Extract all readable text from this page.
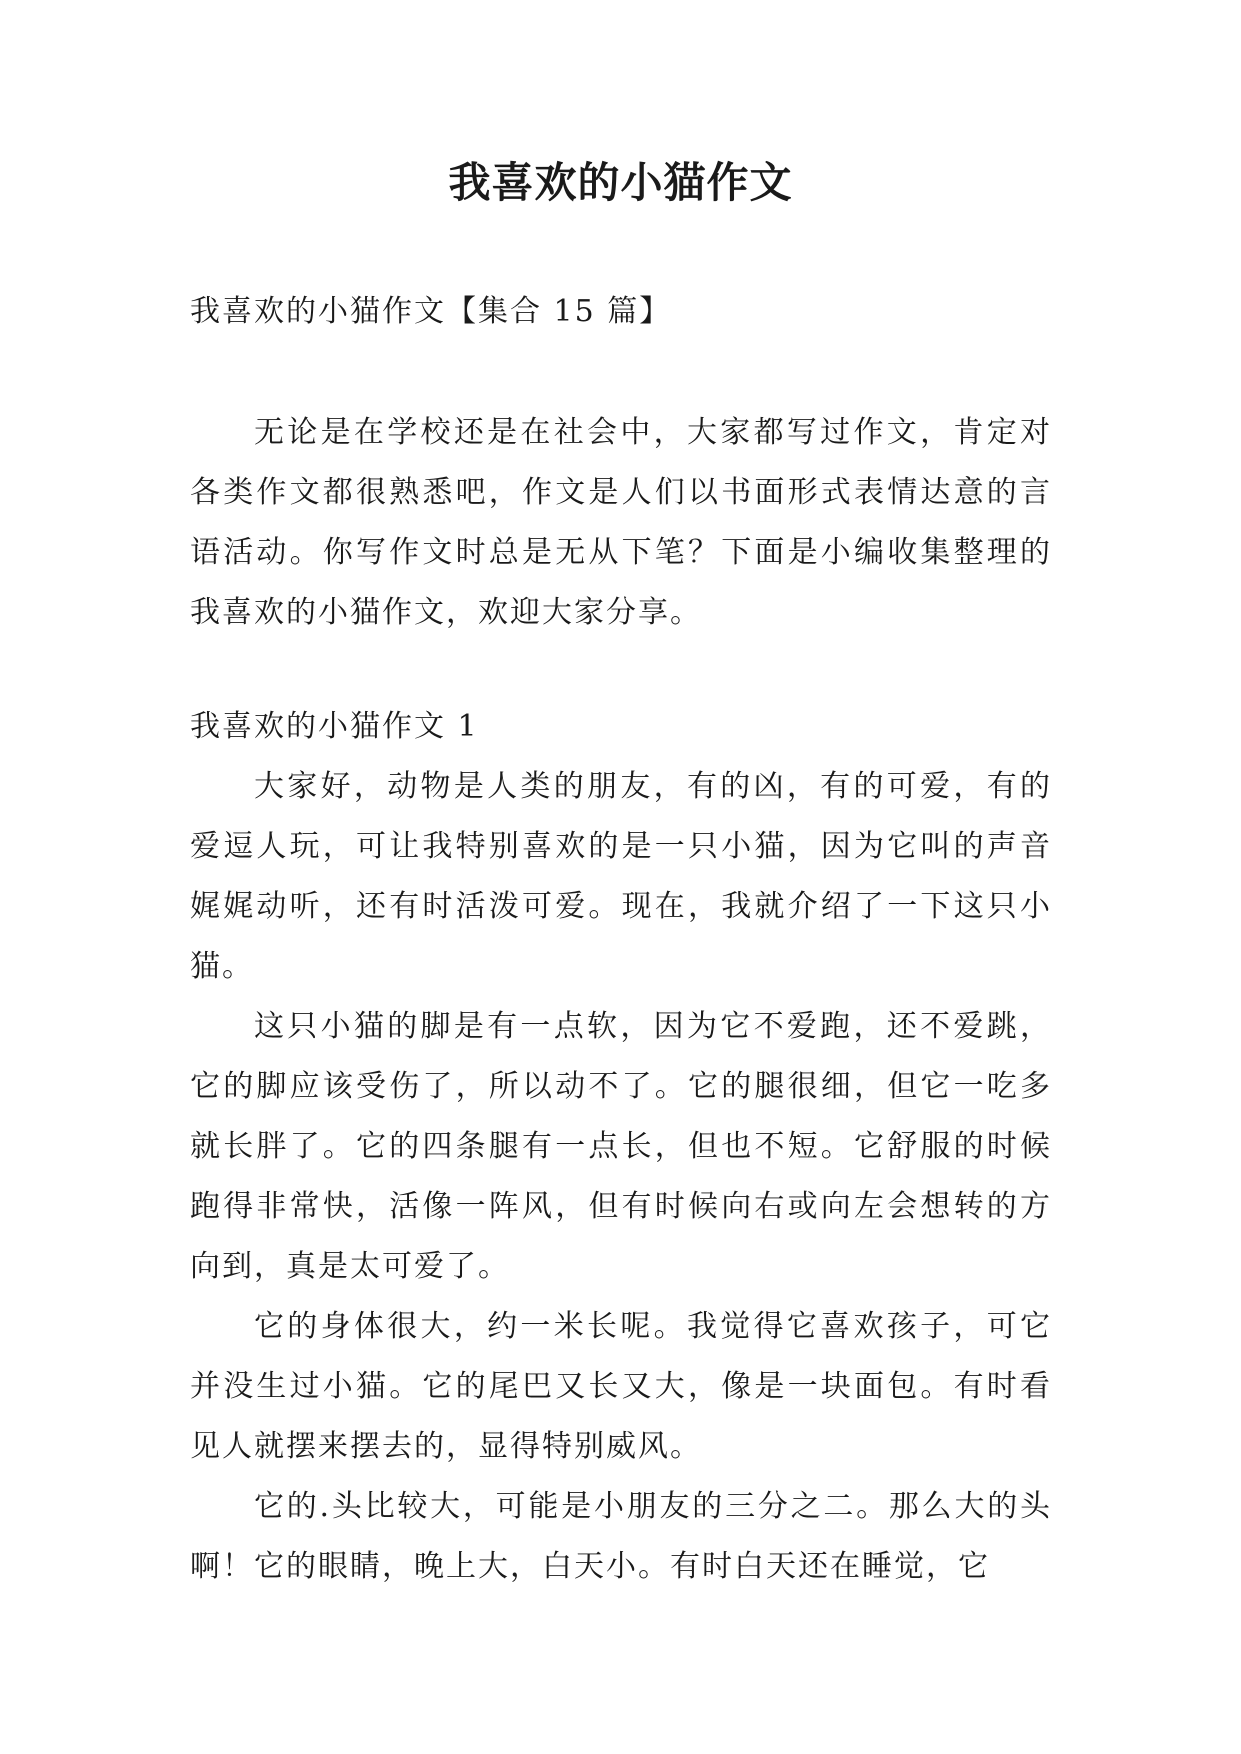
我喜欢的小猫作文
我喜欢的小猫作文【集合 15 篇】

无论是在学校还是在社会中，大家都写过作文，肯定对各类作文都很熟悉吧，作文是人们以书面形式表情达意的言语活动。你写作文时总是无从下笔？下面是小编收集整理的我喜欢的小猫作文，欢迎大家分享。

我喜欢的小猫作文 1

大家好，动物是人类的朋友，有的凶，有的可爱，有的爱逗人玩，可让我特别喜欢的是一只小猫，因为它叫的声音娓娓动听，还有时活泼可爱。现在，我就介绍了一下这只小猫。

这只小猫的脚是有一点软，因为它不爱跑，还不爱跳，它的脚应该受伤了，所以动不了。它的腿很细，但它一吃多就长胖了。它的四条腿有一点长，但也不短。它舒服的时候跑得非常快，活像一阵风，但有时候向右或向左会想转的方向到，真是太可爱了。

它的身体很大，约一米长呢。我觉得它喜欢孩子，可它并没生过小猫。它的尾巴又长又大，像是一块面包。有时看见人就摆来摆去的，显得特别威风。

它的.头比较大，可能是小朋友的三分之二。那么大的头啊！它的眼睛，晚上大，白天小。有时白天还在睡觉，它
